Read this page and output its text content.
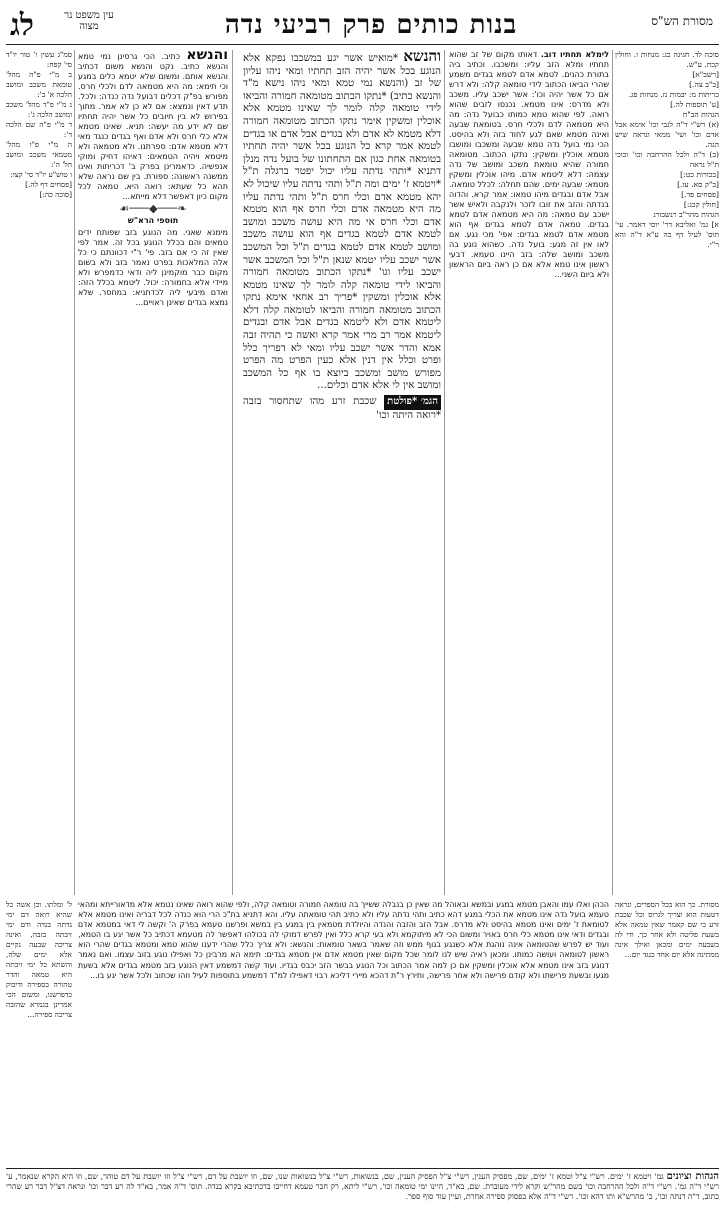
מסורת הש"ס
בנות כותים פרק רביעי נדה
עין משפט נר מצוה
לג
סוכה לד. חגיגה כג: מנחות ו. וחולין קכח. ע"ש.
[רשב"א]
[ב"ב צה.]
כריתות מ: יבמות נז. מנחות פג.
[ע' תוספות לה.]
הגהות הב"ח
(א) רש"י ד"ה לגבי וכו' אימא אבל אדם וכו' ושי' ממאי ונראה שיש הגה.
(ב) ד"ה ולכל ההרחבה וכו' וכוכי ת"ל נראה
[בכורות כט:]
[ב"ק סא. עו.]
[פסחים פד.]
[חולין קכג:]
הגהות מהר"ב רנשבורג
א] גמ' ואליבא דר' יוסי דאמר. עי' תוס' לעיל דף כה ע"א ד"ה והא ר"י.

לימלא תחתיו דוב. דאותו מקום של זב שהוא תחתיו ומלא הזב עליו: ומשכבו. וכתיב ביה בתורת כהנים. לטמא אדם לטמא בגדים משמע שהרי הביאו הכתוב לידי טומאה קלה: ולא דרש אם כל אשר יהיה וכו': אשר ישכב עליו. משכב ולא מדרס: אינו מטמא. נכנסו לזבים שהוא רואה. לפי שהוא טמא כמותו כבועל נדה: מה היא מטמאה לדם ולכלי חרס. בטומאת שבעה ואינה מטמא שאם לגע לחוד בזה ולא בהיסט. הכי נמי בועל נדה טמא שבעה ומשכבו ומושבו מטמא אוכלין ומשקין: נתקו הכתוב. מטומאה חמורה שהיא טומאת משכב ומושב של נדה עצמה: דלא ליטמא אדם. מיהו אוכלין ומשקין מטמא: שבעה ימים. שהם תחלה: לכלל טומאה. אבל אדם ובגדים מיהו טמאו: אמר קרא. והדוה בנדתה והזב את זובו לזכר ולנקבה ולאיש אשר ישכב עם טמאה: מה היא מטמאה אדם לטמא בגדים. טמאה אדם לטמא בגדים אף הוא מטמא אדם לטמא בגדים: אפי' מכי נגע. אם לאו אין זה מגע: בועל נדה. כשהוא נוגע בה משכב ומושב שלה: בזב היינו טעמא. דבעי ראשון אינו טמא אלא אם כן ראה ביום הראשון ולא ביום השני...

והנשא *מואיש אשר יגע במשכבו נפקא אלא הנוגע בכל אשר יהיה הזב תחתיו ומאי ניהו עליון של זב (והנשא נמי טמא ומאי ניהו נישא מ"ד והנשא כתיב) *נתקו הכתוב מטומאה חמורה והביאו לידי טומאה קלה לומר לך שאינו מטמא אלא אוכלין ומשקין אימר נתקו הכתוב מטומאה חמורה דלא מטמא לא אדם ולא בגדים אבל אדם או בגדים לטמא אמר קרא כל הנוגע בכל אשר יהיה תחתיו בטומאה אחת כגון אם התחתונו של בועל נדה מנלן דתניא *ותהי נדתה עליו יכול יפטר ברגלה ת"ל *ויטמא ז' ימים ומה ת"ל ותהי נדתה עליו שיכול לא יהא מטמא אדם וכלי חרס ת"ל ותהי נדתה עליו מה היא מטמאה אדם וכלי חרס אף הוא מטמא אדם וכלי חרס אי מה היא עושה משכב ומושב לטמא אדם לטמא בגדים אף הוא עושה משכב ומושב לטמא אדם לטמא בגדים ת"ל וכל המשכב אשר ישכב עליו יטמא שנאן ת"ל וכל המשכב אשר ישכב עליו וגו' *נתקו הכתוב מטומאה חמורה והביאו לידי טומאה קלה לומר לך שאינו מטמא אלא אוכלין ומשקין *פריך רב אחאי אימא נתקו הכתוב מטומאה חמורה והביאו לטומאה קלה דלא ליטמא אדם ולא ליטמא בגדים אבל אדם ובגדים ליטמא אמר רב מרי אמר קרא ואשה כי תהיה זבה אמא והדר אשר ישכב עליו ומאי לא דפריך כלל ופרט וכלל אין דנין אלא כעין הפרט מה הפרט מפורש מושב ומשכב ביוצא בו אף כל המשכב ומושב אין לי אלא אדם וכלים...

הגמ׳ *פולטת שכבת זרע מהו שתחסור בזבה *רואה היתה וכו'

והנשא כתיב. הכי גרסינן נמי טמא והנשא כתיב. נקט והנשא משום דכתיב והנשא אותם. ומשום שלא יטמא כלים במגע וכי תימא: מה היא מטמאה לדם ולכלי חרס. מפורש בפ"ק דכלים דבועל נדה כנדה: ולכל. תדע דאין ונמצא: אם לא כן לא אמר. מתוך בפירוש לא בין חיובים כל אשר יהיה תחתיו שם לא ידע מה יעשה: תניא. שאינו מטמא אלא כלי חרס ולא אדם ואף בגדים כנגד מאי דלא מטמא אדם: ספרתנו. ולא מטמאה ולא מיטמא ויהיה הטמאים: דאיהו דחיק ומוקי אנפשיה. כדאמרינן בפרק ב' דכריתות ואינו ממשנה ראשונה: ספורת. בין שם נראה שלא תהא כל שעתא: רואה היא. טמאה לכל מקום כיון דאפשר דלא מייתא...

❧───◆───☙

תוספי הרא"ש

מימנא שאני. מה הנוגע בזב שפותח ידים טמאים והם בכלל הנוגע בכל זה. אמר לפי שאין זה כי אם בזב. פי' ר"י דכוונתם כי כל אלה המלאכות בפרט נאמר בזב ולא בשום מקום כבר מוקמינן ליה ודאי כדמפרש ולא מיידי אלא בחמורה: יכול. ליטמא בכלל הזה: ואדם מיבעי ליה לכדתניא: במחסר. שלא נמצא בגדים שאינן ראויים...

סמ"ג עשין ו' טור יו"ד סי' קפח:
ב מ"י פ"ה מהל' טומאת משכב ומושב הלכה א' ב':
ג מ"י פ"ד מהל' משכב ומושב הלכה ג':
ד מ"י פ"ה שם הלכה ד':
ה מ"י פ"ו מהל' מטמאי משכב ומושב הל' ה':
ו טוש"ע יו"ד סי' קצו:
[פסחים דף לה.]
[סוכה כה:]
מסורת. כך הוא בכל הספרים, ונראה דטעות הוא וצריך לגרוס וכל שכבת זרע כי שם קאמר שאין טמאה אלא בשעת פליטה ולא אחר כך. ודי לה בשבעה ימים ומכאן ואילך אינה ממתינה אלא יום אחד כנגד יום...
הכהן ואלו עמו והאבן מטמא במגע ובמשא ובאוהל מה שאין כן בנבלה ששייך בה טומאה חמורה וטומאה קלה, ולפי שהוא רואה שאינו נטמא אלא מדאורייתא ומהאי טעמא בועל נדה אינו מטמא את הכלי במגע דהא כתיב ותהי נדתה עליו ולא כתיב תהי טומאתה עליו. והא דתניא בת"כ הרי הוא כנדה לכל דבריה ואינו מטמא אלא לטומאת ז' ימים ואינו מטמא בהיסט ולא מדרס. אבל הזב והזבה והנדה והיולדת מטמאין בין במגע בין במשא ופרשנו טעמא בפרק ה' וקשה לי דאי במטמא אדם ובגדים ודאי אינו מטמא כלי חרס באויר ומשום הכי לא מיתוקמא ולא בעי קרא כלל ואין לפרש דמוקי לה בכולהו דאפשר לה מטעמא דכתיב כל אשר יגע בו הטמא, ועוד יש לפרש שהטומאה אינה נוהגת אלא כשנגע בגוף ממש וזה שאמר בשאר טומאות: והנשא: ולא צריך כלל שהרי ידענו שהוא טמא ומטמא בגדים שהרי הוא ראשון לטומאה ועושה כמותו. ומכאן ראיה שיש לנו לומר שכל מקום שאין מטמא אדם אין מטמא בגדים: תימא הא מרבינן כל ואפילו נוגע בזוב עצמו. ואם נאמר דנוגע בזב אינו מטמא אלא אוכלין ומשקין אם כן למה אמר הכתוב וכל הנוגע בבשר הזב יכבס בגדיו. ועוד קשה דמשמע דאין הנוגע בזב מטמא בגדים אלא בשעת מגעו ובשעת פרישתו ולא קודם פרישה ולא אחר פרישה, ותירץ ר"ת דהכא מיירי דליכא רבוי דאפילו למ"ד דמשמע בתוספות לעיל וזהו שכתוב ולכל אשר יגע בו...
ל' ומלתו. וכן אשה כל שהיא רואה דם ימי נדתה בנדה ודם ימי זיבתה בזבה, ואינה צריכה שבעה נקיים אלא ימים שלה, והשתא כל ימי זיבתה היא טמאה והדר טהורה בספירה ודיבוק כדפרשנו, ומשום הכי אמרינן בגמרא שהזבה צריכה ספירה...
הגהות וציונים גמ' ויטמא ז' ימים. רש"י צ"ל וטמא ז' ימים, שם, מפסיק הענין, רש"י צ"ל הפסיק הענין, שם, בנשואות, רש"י צ"ל בנשואות שנו, שם, וזו יושבת על דם, רש"י צ"ל וזו יושבת על דם טוהר, שם, וזו היא הקרא שנאמר, ע' רש"י ד"ה גמ'. רש"י ד"ה ולכל ההרחבה וכו' בשם מהר"ש וקרא לידי מעוברת. שם, בא"ד, היינו ימי טומאה וכו', רש"י ליתא, רק חבר טעמא דחייבו בדכתיבא בקרא בנדה. תוס' ד"ה אמר, בא"ד לה רע דבר וכו' ונראה דצ"ל דבר רע שהרי כתוב, ד"ה דנתה וכו', כ' מהרש"א ותו דהא וכו'. רש"י ד"ה אלא בפסוק ספירה אחרת, ועיין עוד סוף ספר.
